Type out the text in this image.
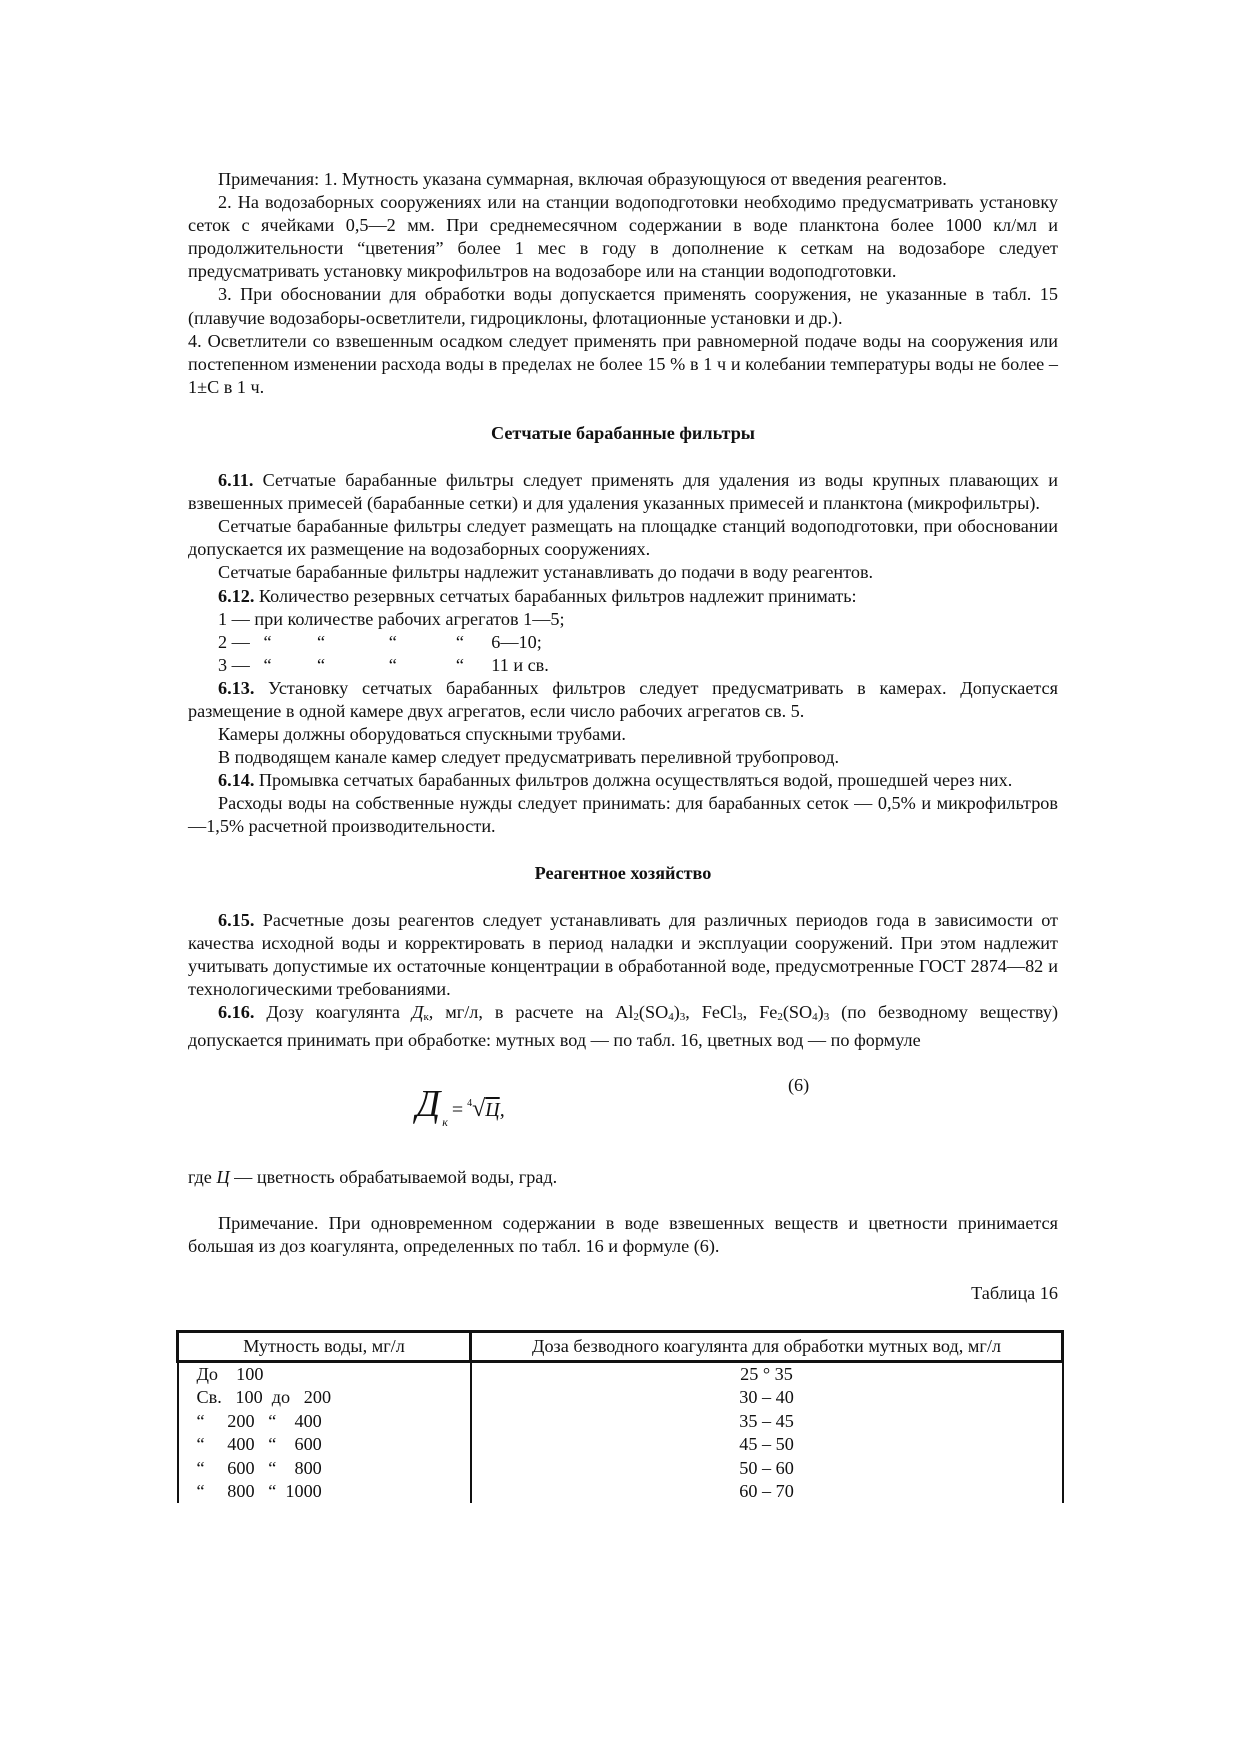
Примечания: 1. Мутность указана суммарная, включая образующуюся от введения реагентов.

2. На водозаборных сооружениях или на станции водоподготовки необходимо предусматривать установку сеток с ячейками 0,5—2 мм. При среднемесячном содержании в воде планктона более 1000 кл/мл и продолжительности “цветения” более 1 мес в году в дополнение к сеткам на водозаборе следует предусматривать установку микрофильтров на водозаборе или на станции водоподготовки.

3. При обосновании для обработки воды допускается применять сооружения, не указанные в табл. 15 (плавучие водозаборы-осветлители, гидроциклоны, флотационные установки и др.).

4. Осветлители со взвешенным осадком следует применять при равномерной подаче воды на сооружения или постепенном изменении расхода воды в пределах не более 15 % в 1 ч и колебании температуры воды не более ‒1±С в 1 ч.

Сетчатые барабанные фильтры

6.11. Сетчатые барабанные фильтры следует применять для удаления из воды крупных плавающих и взвешенных примесей (барабанные сетки) и для удаления указанных примесей и планктона (микрофильтры).

Сетчатые барабанные фильтры следует размещать на площадке станций водоподготовки, при обосновании допускается их размещение на водозаборных сооружениях.

Сетчатые барабанные фильтры надлежит устанавливать до подачи в воду реагентов.

6.12. Количество резервных сетчатых барабанных фильтров надлежит принимать:

1 — при количестве рабочих агрегатов 1—5;
2 —   “          “              “             “      6—10;
3 —   “          “              “             “      11 и св.

6.13. Установку сетчатых барабанных фильтров следует предусматривать в камерах. Допускается размещение в одной камере двух агрегатов, если число рабочих агрегатов св. 5.

Камеры должны оборудоваться спускными трубами.

В подводящем канале камер следует предусматривать переливной трубопровод.

6.14. Промывка сетчатых барабанных фильтров должна осуществляться водой, прошедшей через них.

Расходы воды на собственные нужды следует принимать: для барабанных сеток — 0,5% и микрофильтров —1,5% расчетной производительности.

Реагентное хозяйство

6.15. Расчетные дозы реагентов следует устанавливать для различных периодов года в зависимости от качества исходной воды и корректировать в период наладки и эксплуации сооружений. При этом надлежит учитывать допустимые их остаточные концентрации в обработанной воде, предусмотренные ГОСТ 2874—82 и технологическими требованиями.

6.16. Дозу коагулянта $Д_к$, мг/л, в расчете на $Al_2(SO_4)_3$, FeCl$_3$, $Fe_2(SO_4)_3$ (по безводному веществу) допускается принимать при обработке: мутных вод — по табл. 16, цветных вод — по формуле

(6)
Д $_к$= $^4$√Ц,

где Ц — цветность обрабатываемой воды, град.

Примечание. При одновременном содержании в воде взвешенных веществ и цветности принимается большая из доз коагулянта, определенных по табл. 16 и формуле (6).

Таблица 16

Мутность воды, мг/л	Доза безводного коагулянта для обработки мутных вод, мг/л
До    100	25 ° 35
Св.   100  до   200	30 ‒ 40
“     200   “    400	35 ‒ 45
“     400   “    600	45 ‒ 50
“     600   “    800	50 ‒ 60
“     800   “  1000	60 ‒ 70
